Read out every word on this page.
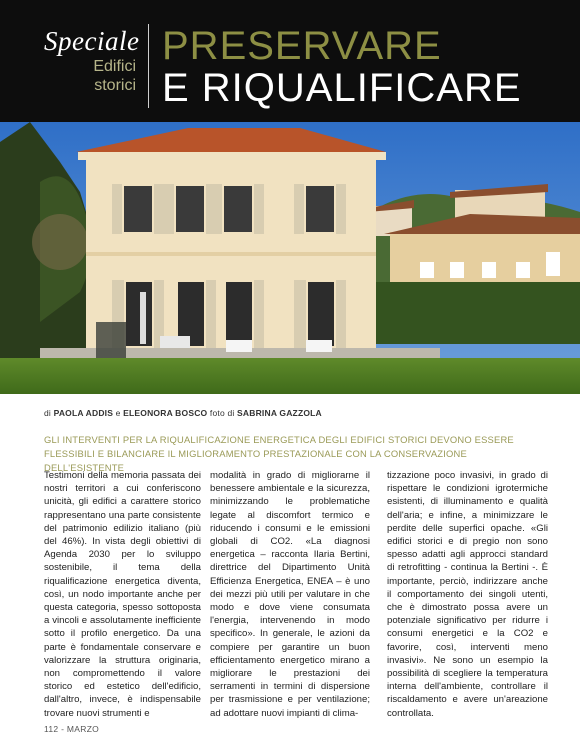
Speciale
Edifici
storici
PRESERVARE
E RIQUALIFICARE
di PAOLA ADDIS e ELEONORA BOSCO foto di SABRINA GAZZOLA
GLI INTERVENTI PER LA RIQUALIFICAZIONE ENERGETICA DEGLI EDIFICI STORICI DEVONO ESSERE FLESSIBILI E BILANCIARE IL MIGLIORAMENTO PRESTAZIONALE CON LA CONSERVAZIONE DELL'ESISTENTE

Testimoni della memoria passata dei nostri territori a cui conferiscono unicità, gli edifici a carattere storico rappresentano una parte consistente del patrimonio edilizio italiano (più del 46%). In vista degli obiettivi di Agenda 2030 per lo sviluppo sostenibile, il tema della riqualificazione energetica diventa, così, un nodo importante anche per questa categoria, spesso sottoposta a vincoli e assolutamente inefficiente sotto il profilo energetico. Da una parte è fondamentale conservare e valorizzare la struttura originaria, non compromettendo il valore storico ed estetico dell'edificio, dall'altro, invece, è indispensabile trovare nuovi strumenti e

modalità in grado di migliorarne il benessere ambientale e la sicurezza, minimizzando le problematiche legate al discomfort termico e riducendo i consumi e le emissioni globali di CO2. «La diagnosi energetica – racconta Ilaria Bertini, direttrice del Dipartimento Unità Efficienza Energetica, ENEA – è uno dei mezzi più utili per valutare in che modo e dove viene consumata l'energia, intervenendo in modo specifico». In generale, le azioni da compiere per garantire un buon efficientamento energetico mirano a migliorare le prestazioni dei serramenti in termini di dispersione per trasmissione e per ventilazione; ad adottare nuovi impianti di clima-

tizzazione poco invasivi, in grado di rispettare le condizioni igrotermiche esistenti, di illuminamento e qualità dell'aria; e infine, a minimizzare le perdite delle superfici opache. «Gli edifici storici e di pregio non sono spesso adatti agli approcci standard di retrofitting - continua la Bertini -. È importante, perciò, indirizzare anche il comportamento dei singoli utenti, che è dimostrato possa avere un potenziale significativo per ridurre i consumi energetici e la CO2 e favorire, così, interventi meno invasivi». Ne sono un esempio la possibilità di scegliere la temperatura interna dell'ambiente, controllare il riscaldamento e avere un'areazione controllata.

112 - MARZO
